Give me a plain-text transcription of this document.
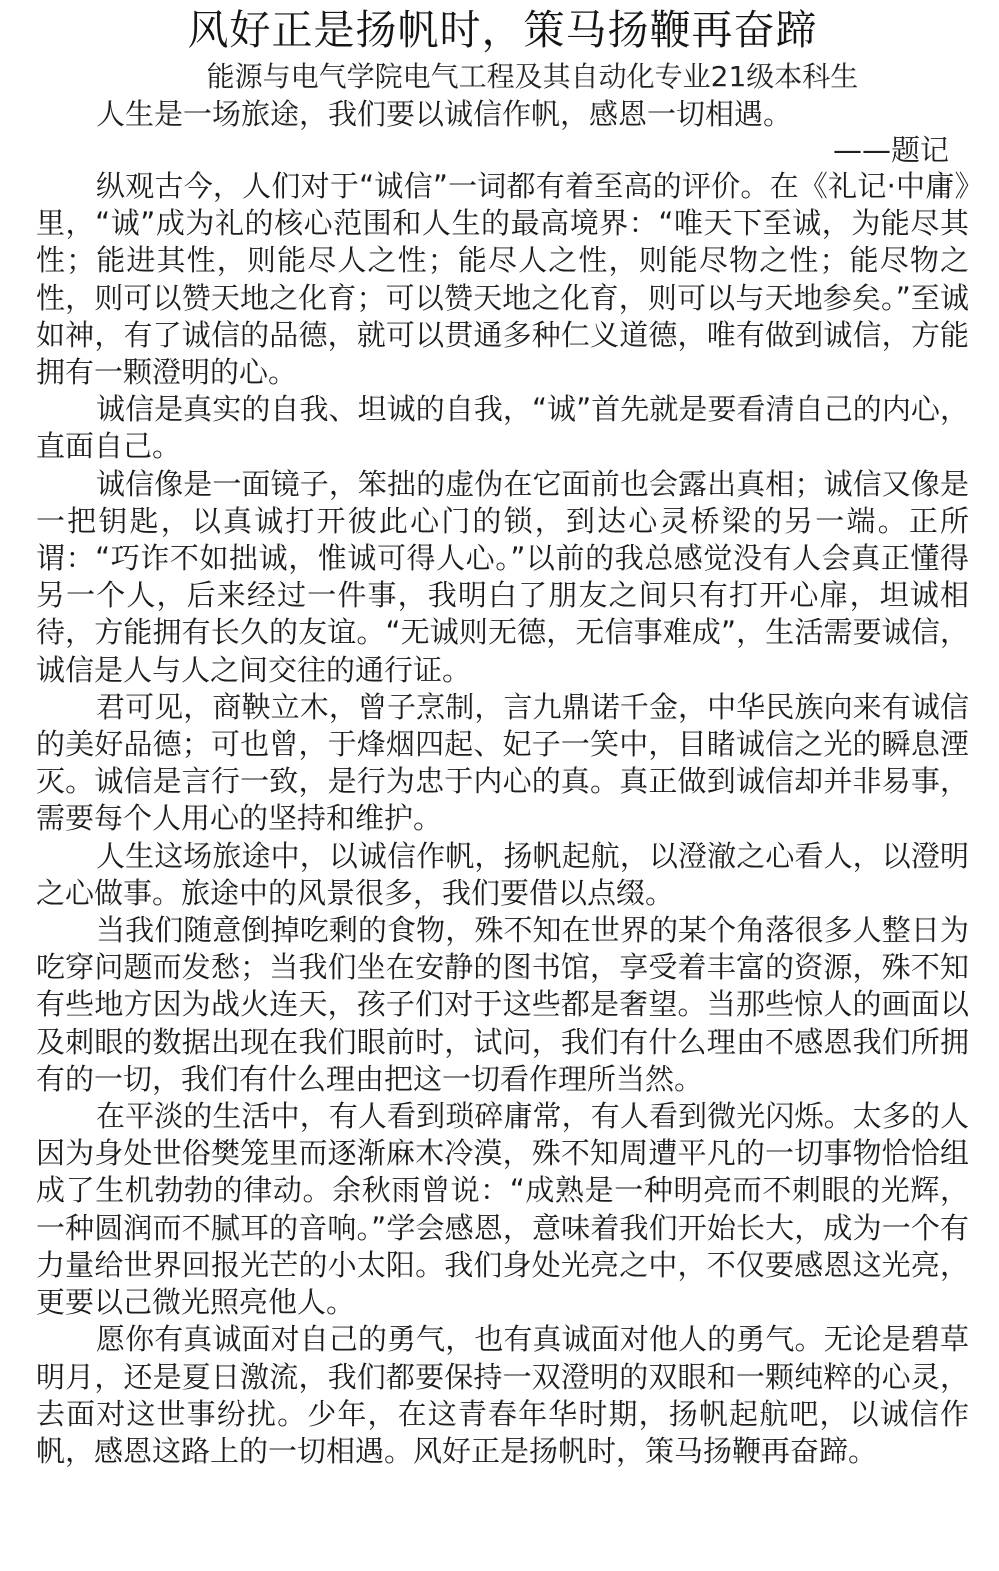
风好正是扬帆时，策马扬鞭再奋蹄

能源与电气学院电气工程及其自动化专业21级本科生

人生是一场旅途，我们要以诚信作帆，感恩一切相遇。

——题记

纵观古今，人们对于“诚信”一词都有着至高的评价。在《礼记·中庸》里，“诚”成为礼的核心范围和人生的最高境界：“唯天下至诚，为能尽其性；能进其性，则能尽人之性；能尽人之性，则能尽物之性；能尽物之性，则可以赞天地之化育；可以赞天地之化育，则可以与天地参矣。”至诚如神，有了诚信的品德，就可以贯通多种仁义道德，唯有做到诚信，方能拥有一颗澄明的心。

诚信是真实的自我、坦诚的自我，“诚”首先就是要看清自己的内心，直面自己。

诚信像是一面镜子，笨拙的虚伪在它面前也会露出真相；诚信又像是一把钥匙，以真诚打开彼此心门的锁，到达心灵桥梁的另一端。正所谓：“巧诈不如拙诚，惟诚可得人心。”以前的我总感觉没有人会真正懂得另一个人，后来经过一件事，我明白了朋友之间只有打开心扉，坦诚相待，方能拥有长久的友谊。“无诚则无德，无信事难成”，生活需要诚信，诚信是人与人之间交往的通行证。

君可见，商鞅立木，曾子烹制，言九鼎诺千金，中华民族向来有诚信的美好品德；可也曾，于烽烟四起、妃子一笑中，目睹诚信之光的瞬息湮灭。诚信是言行一致，是行为忠于内心的真。真正做到诚信却并非易事，需要每个人用心的坚持和维护。

人生这场旅途中，以诚信作帆，扬帆起航，以澄澈之心看人，以澄明之心做事。旅途中的风景很多，我们要借以点缀。

当我们随意倒掉吃剩的食物，殊不知在世界的某个角落很多人整日为吃穿问题而发愁；当我们坐在安静的图书馆，享受着丰富的资源，殊不知有些地方因为战火连天，孩子们对于这些都是奢望。当那些惊人的画面以及刺眼的数据出现在我们眼前时，试问，我们有什么理由不感恩我们所拥有的一切，我们有什么理由把这一切看作理所当然。

在平淡的生活中，有人看到琐碎庸常，有人看到微光闪烁。太多的人因为身处世俗樊笼里而逐渐麻木冷漠，殊不知周遭平凡的一切事物恰恰组成了生机勃勃的律动。余秋雨曾说：“成熟是一种明亮而不刺眼的光辉，一种圆润而不腻耳的音响。”学会感恩，意味着我们开始长大，成为一个有力量给世界回报光芒的小太阳。我们身处光亮之中，不仅要感恩这光亮，更要以己微光照亮他人。

愿你有真诚面对自己的勇气，也有真诚面对他人的勇气。无论是碧草明月，还是夏日激流，我们都要保持一双澄明的双眼和一颗纯粹的心灵，去面对这世事纷扰。少年，在这青春年华时期，扬帆起航吧，以诚信作帆，感恩这路上的一切相遇。风好正是扬帆时，策马扬鞭再奋蹄。
